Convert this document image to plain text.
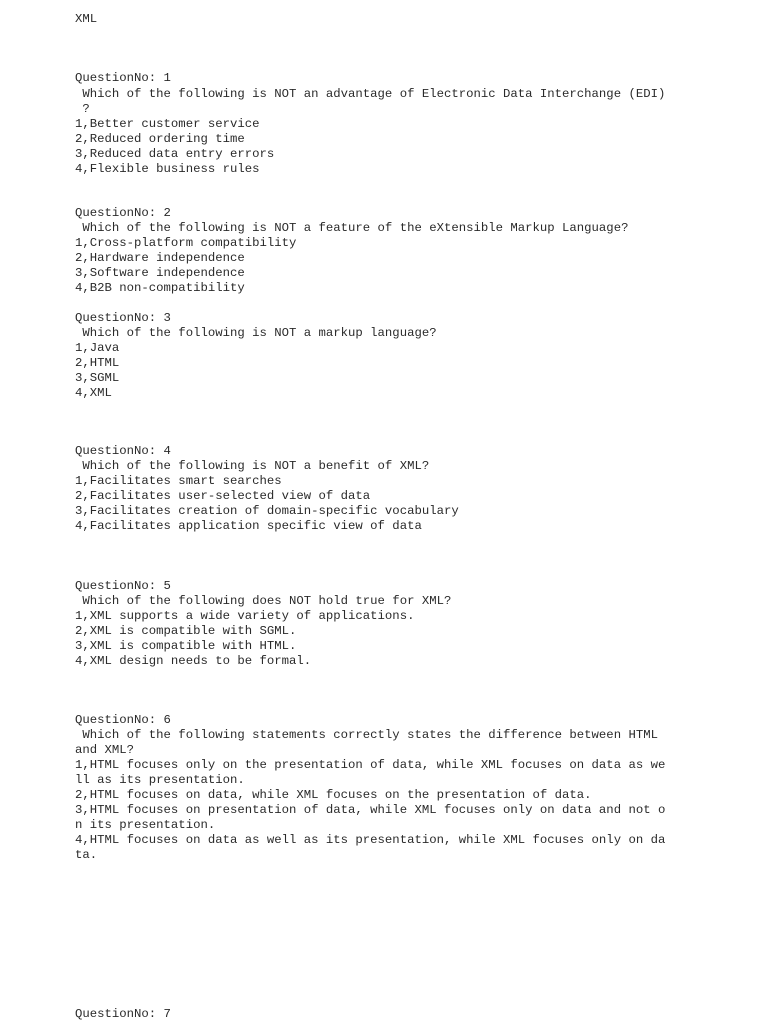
XML
QuestionNo: 1
Which of the following is NOT an advantage of Electronic Data Interchange (EDI)
?
1,Better customer service
2,Reduced ordering time
3,Reduced data entry errors
4,Flexible business rules
QuestionNo: 2
Which of the following is NOT a feature of the eXtensible Markup Language?
1,Cross-platform compatibility
2,Hardware independence
3,Software independence
4,B2B non-compatibility
QuestionNo: 3
Which of the following is NOT a markup language?
1,Java
2,HTML
3,SGML
4,XML
QuestionNo: 4
Which of the following is NOT a benefit of XML?
1,Facilitates smart searches
2,Facilitates user-selected view of data
3,Facilitates creation of domain-specific vocabulary
4,Facilitates application specific view of data
QuestionNo: 5
Which of the following does NOT hold true for XML?
1,XML supports a wide variety of applications.
2,XML is compatible with SGML.
3,XML is compatible with HTML.
4,XML design needs to be formal.
QuestionNo: 6
Which of the following statements correctly states the difference between HTML
and XML?
1,HTML focuses only on the presentation of data, while XML focuses on data as we
ll as its presentation.
2,HTML focuses on data, while XML focuses on the presentation of data.
3,HTML focuses on presentation of data, while XML focuses only on data and not o
n its presentation.
4,HTML focuses on data as well as its presentation, while XML focuses only on da
ta.
QuestionNo: 7
